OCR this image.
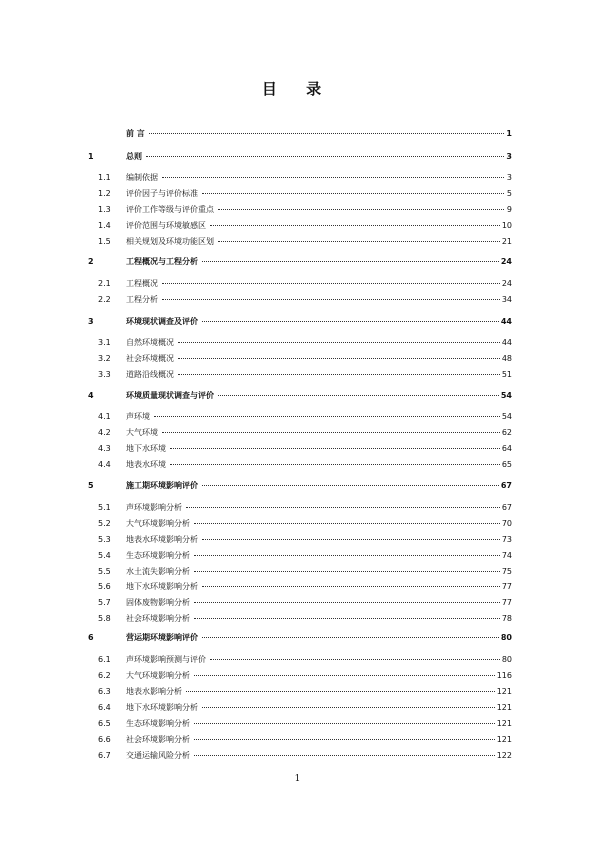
目 录
前 言	1
1	总则	3
1.1	编制依据	3
1.2	评价因子与评价标准	5
1.3	评价工作等级与评价重点	9
1.4	评价范围与环境敏感区	10
1.5	相关规划及环境功能区划	21
2	工程概况与工程分析	24
2.1	工程概况	24
2.2	工程分析	34
3	环境现状调查及评价	44
3.1	自然环境概况	44
3.2	社会环境概况	48
3.3	道路沿线概况	51
4	环境质量现状调查与评价	54
4.1	声环境	54
4.2	大气环境	62
4.3	地下水环境	64
4.4	地表水环境	65
5	施工期环境影响评价	67
5.1	声环境影响分析	67
5.2	大气环境影响分析	70
5.3	地表水环境影响分析	73
5.4	生态环境影响分析	74
5.5	水土流失影响分析	75
5.6	地下水环境影响分析	77
5.7	固体废物影响分析	77
5.8	社会环境影响分析	78
6	营运期环境影响评价	80
6.1	声环境影响预测与评价	80
6.2	大气环境影响分析	116
6.3	地表水影响分析	121
6.4	地下水环境影响分析	121
6.5	生态环境影响分析	121
6.6	社会环境影响分析	121
6.7	交通运输风险分析	122
1
